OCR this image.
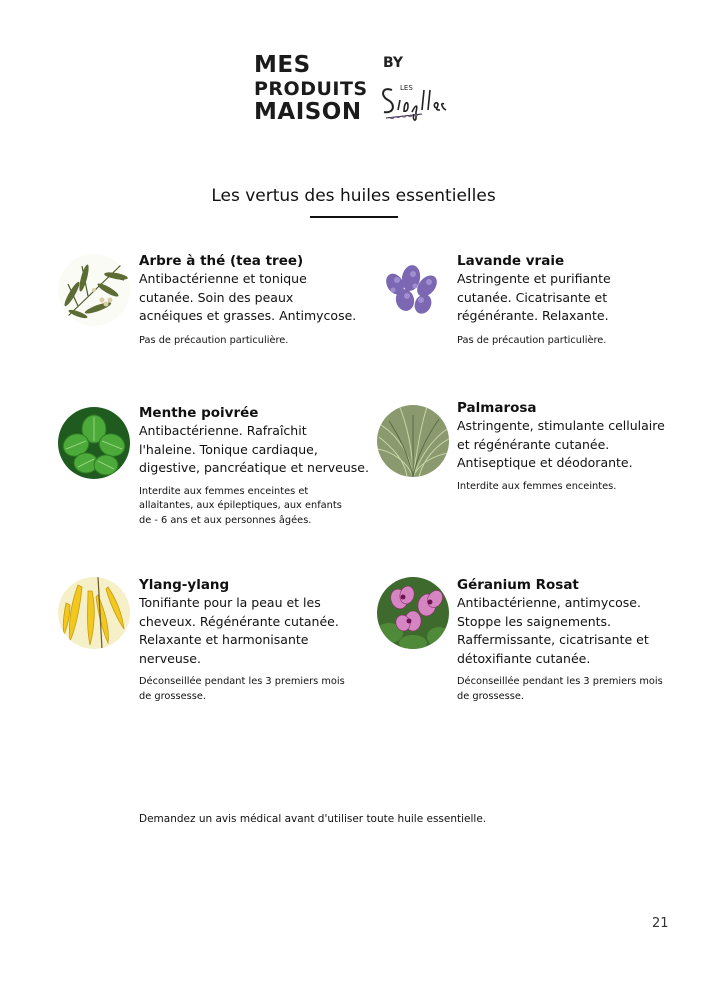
MES
PRODUITS
MAISON
BY
LES
Les vertus des huiles essentielles
Arbre à thé (tea tree)
Antibactérienne et tonique
cutanée. Soin des peaux
acnéiques et grasses. Antimycose.
Pas de précaution particulière.
Lavande vraie
Astringente et purifiante
cutanée. Cicatrisante et
régénérante. Relaxante.
Pas de précaution particulière.
Menthe poivrée
Antibactérienne. Rafraîchit
l'haleine. Tonique cardiaque,
digestive, pancréatique et nerveuse.
Interdite aux femmes enceintes et
allaitantes, aux épileptiques, aux enfants
de - 6 ans et aux personnes âgées.
Palmarosa
Astringente, stimulante cellulaire
et régénérante cutanée.
Antiseptique et déodorante.
Interdite aux femmes enceintes.
Ylang-ylang
Tonifiante pour la peau et les
cheveux. Régénérante cutanée.
Relaxante et harmonisante
nerveuse.
Déconseillée pendant les 3 premiers mois
de grossesse.
Géranium Rosat
Antibactérienne, antimycose.
Stoppe les saignements.
Raffermissante, cicatrisante et
détoxifiante cutanée.
Déconseillée pendant les 3 premiers mois
de grossesse.
Demandez un avis médical avant d'utiliser toute huile essentielle.
21
